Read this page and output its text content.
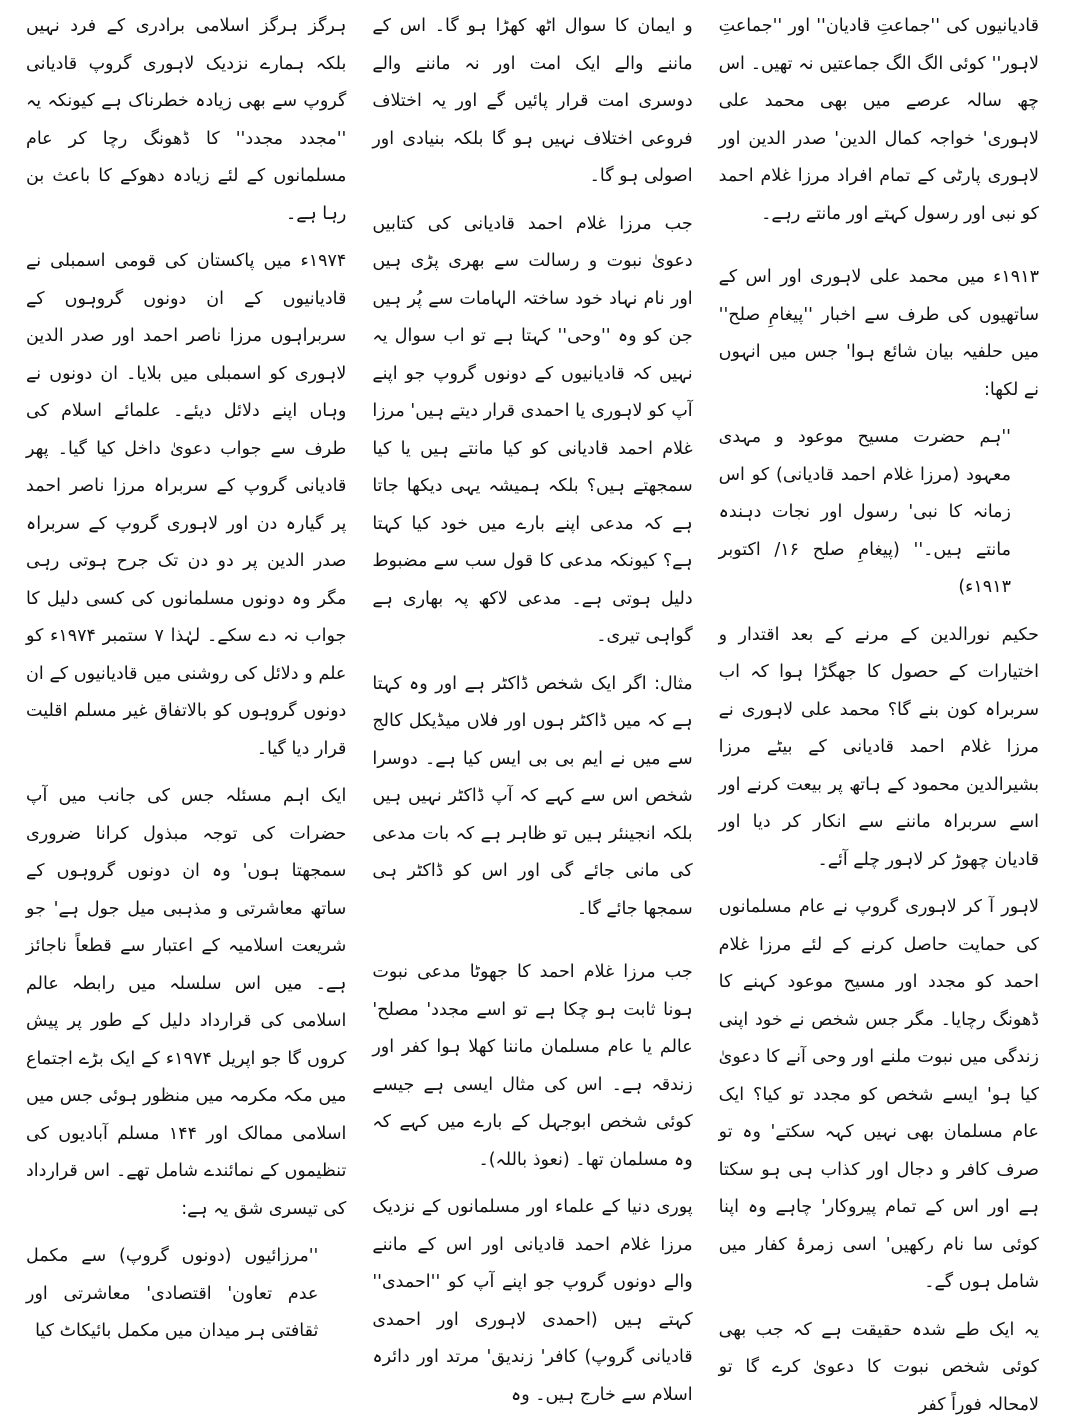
قادیانیوں کی ''جماعتِ قادیان'' اور ''جماعتِ لاہور'' کوئی الگ الگ جماعتیں نہ تھیں۔ اس چھ سالہ عرصے میں بھی محمد علی لاہوری' خواجہ کمال الدین' صدر الدین اور لاہوری پارٹی کے تمام افراد مرزا غلام احمد کو نبی اور رسول کہتے اور مانتے رہے۔

۱۹۱۳ء میں محمد علی لاہوری اور اس کے ساتھیوں کی طرف سے اخبار ''پیغامِ صلح'' میں حلفیہ بیان شائع ہوا' جس میں انہوں نے لکھا:

''ہم حضرت مسیح موعود و مہدی معہود (مرزا غلام احمد قادیانی) کو اس زمانہ کا نبی' رسول اور نجات دہندہ مانتے ہیں۔'' (پیغامِ صلح ۱۶/ اکتوبر ۱۹۱۳ء)

حکیم نورالدین کے مرنے کے بعد اقتدار و اختیارات کے حصول کا جھگڑا ہوا کہ اب سربراہ کون بنے گا؟ محمد علی لاہوری نے مرزا غلام احمد قادیانی کے بیٹے مرزا بشیرالدین محمود کے ہاتھ پر بیعت کرنے اور اسے سربراہ ماننے سے انکار کر دیا اور قادیان چھوڑ کر لاہور چلے آئے۔

لاہور آ کر لاہوری گروپ نے عام مسلمانوں کی حمایت حاصل کرنے کے لئے مرزا غلام احمد کو مجدد اور مسیح موعود کہنے کا ڈھونگ رچایا۔ مگر جس شخص نے خود اپنی زندگی میں نبوت ملنے اور وحی آنے کا دعویٰ کیا ہو' ایسے شخص کو مجدد تو کیا؟ ایک عام مسلمان بھی نہیں کہہ سکتے' وہ تو صرف کافر و دجال اور کذاب ہی ہو سکتا ہے اور اس کے تمام پیروکار' چاہے وہ اپنا کوئی سا نام رکھیں' اسی زمرۂ کفار میں شامل ہوں گے۔

یہ ایک طے شدہ حقیقت ہے کہ جب بھی کوئی شخص نبوت کا دعویٰ کرے گا تو لامحالہ فوراً کفر

و ایمان کا سوال اٹھ کھڑا ہو گا۔ اس کے ماننے والے ایک امت اور نہ ماننے والے دوسری امت قرار پائیں گے اور یہ اختلاف فروعی اختلاف نہیں ہو گا بلکہ بنیادی اور اصولی ہو گا۔

جب مرزا غلام احمد قادیانی کی کتابیں دعویٰ نبوت و رسالت سے بھری پڑی ہیں اور نام نہاد خود ساختہ الہامات سے پُر ہیں جن کو وہ ''وحی'' کہتا ہے تو اب سوال یہ نہیں کہ قادیانیوں کے دونوں گروپ جو اپنے آپ کو لاہوری یا احمدی قرار دیتے ہیں' مرزا غلام احمد قادیانی کو کیا مانتے ہیں یا کیا سمجھتے ہیں؟ بلکہ ہمیشہ یہی دیکھا جاتا ہے کہ مدعی اپنے بارے میں خود کیا کہتا ہے؟ کیونکہ مدعی کا قول سب سے مضبوط دلیل ہوتی ہے۔ مدعی لاکھ پہ بھاری ہے گواہی تیری۔

مثال: اگر ایک شخص ڈاکٹر ہے اور وہ کہتا ہے کہ میں ڈاکٹر ہوں اور فلاں میڈیکل کالج سے میں نے ایم بی بی ایس کیا ہے۔ دوسرا شخص اس سے کہے کہ آپ ڈاکٹر نہیں ہیں بلکہ انجینئر ہیں تو ظاہر ہے کہ بات مدعی کی مانی جائے گی اور اس کو ڈاکٹر ہی سمجھا جائے گا۔

جب مرزا غلام احمد کا جھوٹا مدعی نبوت ہونا ثابت ہو چکا ہے تو اسے مجدد' مصلح' عالم یا عام مسلمان ماننا کھلا ہوا کفر اور زندقہ ہے۔ اس کی مثال ایسی ہے جیسے کوئی شخص ابوجہل کے بارے میں کہے کہ وہ مسلمان تھا۔ (نعوذ باللہ)۔

پوری دنیا کے علماء اور مسلمانوں کے نزدیک مرزا غلام احمد قادیانی اور اس کے ماننے والے دونوں گروپ جو اپنے آپ کو ''احمدی'' کہتے ہیں (احمدی لاہوری اور احمدی قادیانی گروپ) کافر' زندیق' مرتد اور دائرہ اسلام سے خارج ہیں۔ وہ

ہرگز ہرگز اسلامی برادری کے فرد نہیں بلکہ ہمارے نزدیک لاہوری گروپ قادیانی گروپ سے بھی زیادہ خطرناک ہے کیونکہ یہ ''مجدد مجدد'' کا ڈھونگ رچا کر عام مسلمانوں کے لئے زیادہ دھوکے کا باعث بن رہا ہے۔

۱۹۷۴ء میں پاکستان کی قومی اسمبلی نے قادیانیوں کے ان دونوں گروہوں کے سربراہوں مرزا ناصر احمد اور صدر الدین لاہوری کو اسمبلی میں بلایا۔ ان دونوں نے وہاں اپنے دلائل دیئے۔ علمائے اسلام کی طرف سے جواب دعویٰ داخل کیا گیا۔ پھر قادیانی گروپ کے سربراہ مرزا ناصر احمد پر گیارہ دن اور لاہوری گروپ کے سربراہ صدر الدین پر دو دن تک جرح ہوتی رہی مگر وہ دونوں مسلمانوں کی کسی دلیل کا جواب نہ دے سکے۔ لہٰذا ۷ ستمبر ۱۹۷۴ء کو علم و دلائل کی روشنی میں قادیانیوں کے ان دونوں گروہوں کو بالاتفاق غیر مسلم اقلیت قرار دیا گیا۔

ایک اہم مسئلہ جس کی جانب میں آپ حضرات کی توجہ مبذول کرانا ضروری سمجھتا ہوں' وہ ان دونوں گروہوں کے ساتھ معاشرتی و مذہبی میل جول ہے' جو شریعت اسلامیہ کے اعتبار سے قطعاً ناجائز ہے۔ میں اس سلسلہ میں رابطہ عالم اسلامی کی قرارداد دلیل کے طور پر پیش کروں گا جو اپریل ۱۹۷۴ء کے ایک بڑے اجتماع میں مکہ مکرمہ میں منظور ہوئی جس میں اسلامی ممالک اور ۱۴۴ مسلم آبادیوں کی تنظیموں کے نمائندے شامل تھے۔ اس قرارداد کی تیسری شق یہ ہے:

''مرزائیوں (دونوں گروپ) سے مکمل عدم تعاون' اقتصادی' معاشرتی اور ثقافتی ہر میدان میں مکمل بائیکاٹ کیا
